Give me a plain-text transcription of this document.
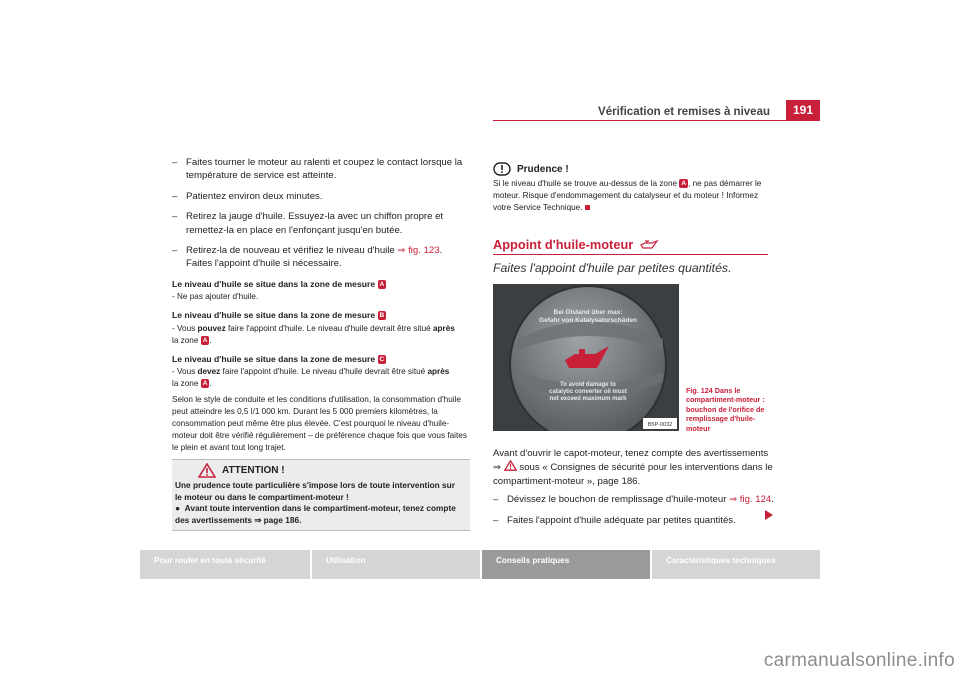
Vérification et remises à niveau	191
– Faites tourner le moteur au ralenti et coupez le contact lorsque la température de service est atteinte.
– Patientez environ deux minutes.
– Retirez la jauge d'huile. Essuyez-la avec un chiffon propre et remettez-la en place en l'enfonçant jusqu'en butée.
– Retirez-la de nouveau et vérifiez le niveau d'huile ⇒ fig. 123.
Faites l'appoint d'huile si nécessaire.
Le niveau d'huile se situe dans la zone de mesure A
- Ne pas ajouter d'huile.
Le niveau d'huile se situe dans la zone de mesure B
- Vous pouvez faire l'appoint d'huile. Le niveau d'huile devrait être situé après
la zone A .
Le niveau d'huile se situe dans la zone de mesure C
- Vous devez faire l'appoint d'huile. Le niveau d'huile devrait être situé après
la zone A .
Selon le style de conduite et les conditions d'utilisation, la consommation d'huile peut atteindre les 0,5 l/1 000 km. Durant les 5 000 premiers kilomètres, la consommation peut même être plus élevée. C'est pourquoi le niveau d'huile-moteur doit être vérifié régulièrement – de préférence chaque fois que vous faites le plein et avant tout long trajet.
ATTENTION !
Une prudence toute particulière s'impose lors de toute intervention sur le moteur ou dans le compartiment-moteur !
● Avant toute intervention dans le compartiment-moteur, tenez compte des avertissements ⇒ page 186.
Prudence !
Si le niveau d'huile se trouve au-dessus de la zone A , ne pas démarrer le moteur. Risque d'endommagement du catalyseur et du moteur ! Informez votre Service Technique.
Appoint d'huile-moteur
Faites l'appoint d'huile par petites quantités.
Bei Ölstand über max:
Gefahr von Katalysatorschäden
To avoid damage to
catalytic converter oil must
not exceed maximum mark
B5P-0032
Fig. 124 Dans le compartiment-moteur : bouchon de l'orifice de remplissage d'huile-moteur
Avant d'ouvrir le capot-moteur, tenez compte des avertissements
⇒  sous « Consignes de sécurité pour les interventions dans le compartiment-moteur », page 186.
– Dévissez le bouchon de remplissage d'huile-moteur ⇒ fig. 124.
– Faites l'appoint d'huile adéquate par petites quantités.
Pour rouler en toute sécurité	Utilisation	Conseils pratiques	Caractéristiques techniques
carmanualsonline.info
